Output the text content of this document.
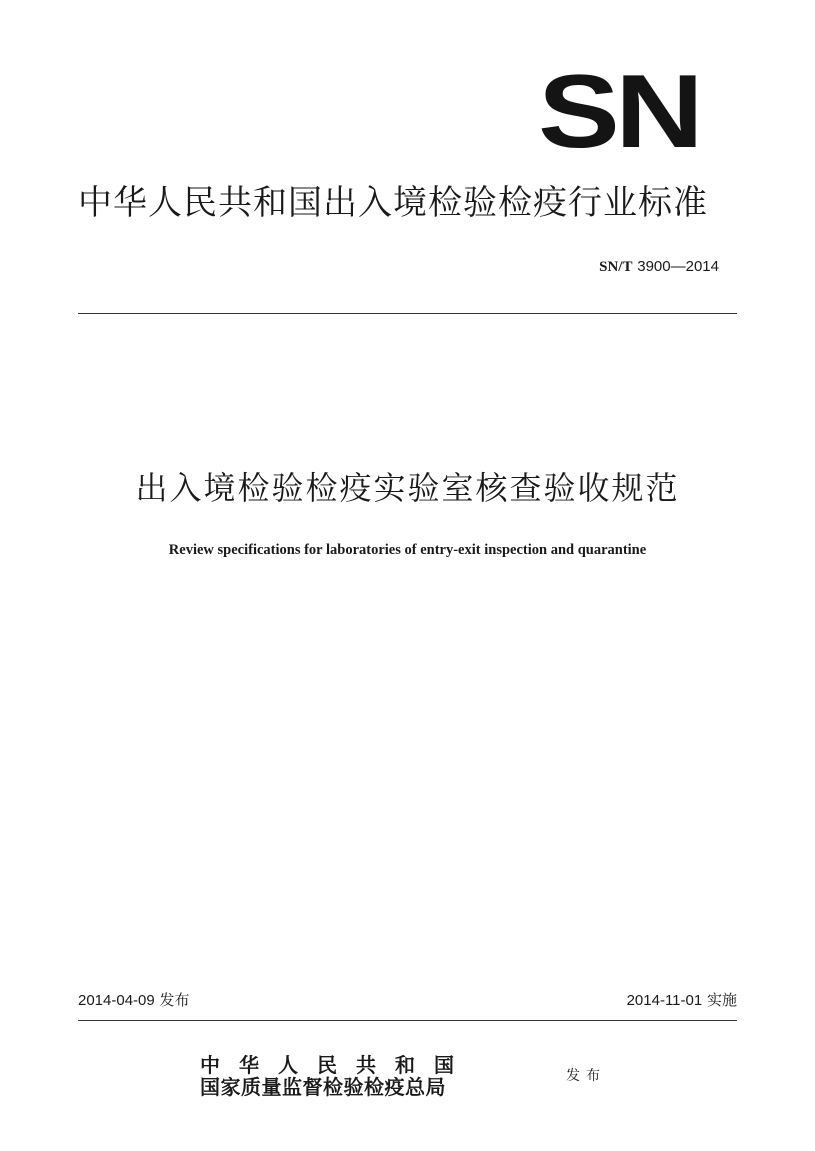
SN
中华人民共和国出入境检验检疫行业标准
SN/T 3900—2014
出入境检验检疫实验室核查验收规范

Review specifications for laboratories of entry-exit inspection and quarantine

2014-04-09 发布	2014-11-01 实施
中华人民共和国
国家质量监督检验检疫总局	发布
